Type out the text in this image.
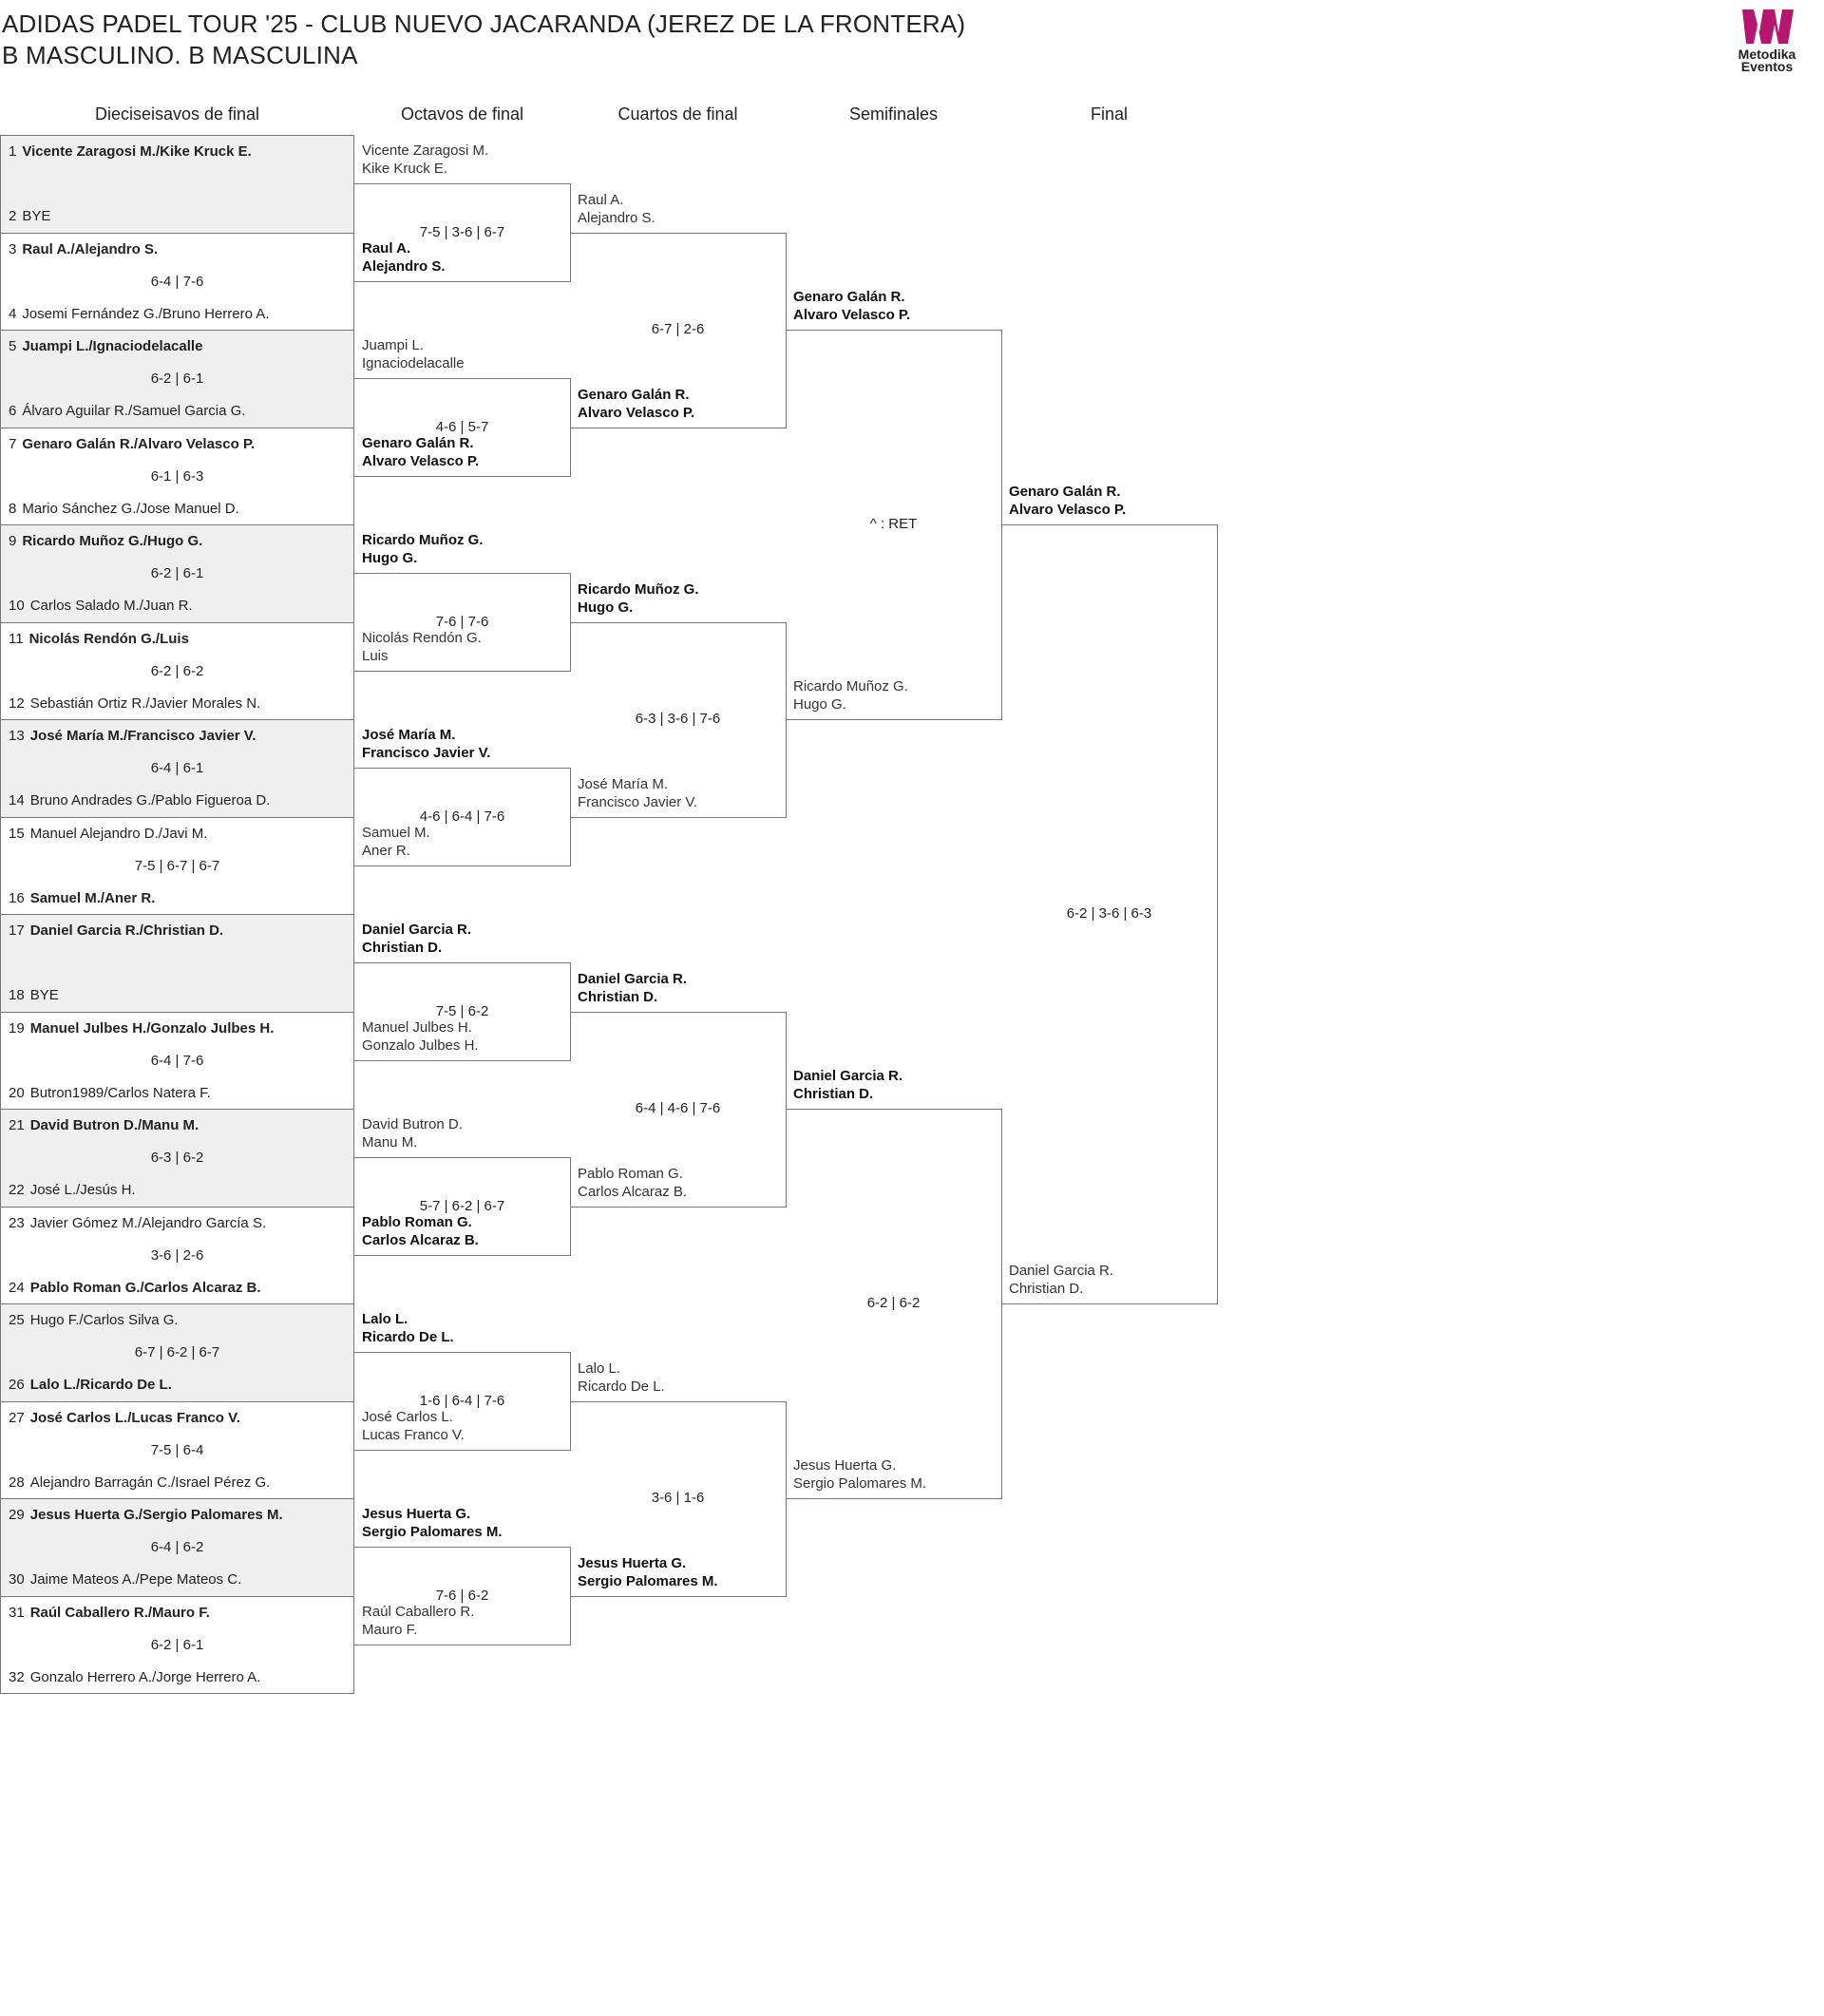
ADIDAS PADEL TOUR '25 - CLUB NUEVO JACARANDA (JEREZ DE LA FRONTERA)
B MASCULINO. B MASCULINA	Metodika
Eventos
Dieciseisavos de final	Octavos de final	Cuartos de final	Semifinales	Final
1 Vicente Zaragosi M./Kike Kruck E.
2 BYE
3 Raul A./Alejandro S.
4 Josemi Fernández G./Bruno Herrero A.
6-4 | 7-6
5 Juampi L./Ignaciodelacalle
6 Álvaro Aguilar R./Samuel Garcia G.
6-2 | 6-1
7 Genaro Galán R./Alvaro Velasco P.
8 Mario Sánchez G./Jose Manuel D.
6-1 | 6-3
9 Ricardo Muñoz G./Hugo G.
10 Carlos Salado M./Juan R.
6-2 | 6-1
11 Nicolás Rendón G./Luis
12 Sebastián Ortiz R./Javier Morales N.
6-2 | 6-2
13 José María M./Francisco Javier V.
14 Bruno Andrades G./Pablo Figueroa D.
6-4 | 6-1
15 Manuel Alejandro D./Javi M.
16 Samuel M./Aner R.
7-5 | 6-7 | 6-7
17 Daniel Garcia R./Christian D.
18 BYE
19 Manuel Julbes H./Gonzalo Julbes H.
20 Butron1989/Carlos Natera F.
6-4 | 7-6
21 David Butron D./Manu M.
22 José L./Jesús H.
6-3 | 6-2
23 Javier Gómez M./Alejandro García S.
24 Pablo Roman G./Carlos Alcaraz B.
3-6 | 2-6
25 Hugo F./Carlos Silva G.
26 Lalo L./Ricardo De L.
6-7 | 6-2 | 6-7
27 José Carlos L./Lucas Franco V.
28 Alejandro Barragán C./Israel Pérez G.
7-5 | 6-4
29 Jesus Huerta G./Sergio Palomares M.
30 Jaime Mateos A./Pepe Mateos C.
6-4 | 6-2
31 Raúl Caballero R./Mauro F.
32 Gonzalo Herrero A./Jorge Herrero A.
6-2 | 6-1
Vicente Zaragosi M.
Kike Kruck E.
Raul A.
Alejandro S.
7-5 | 3-6 | 6-7
Juampi L.
Ignaciodelacalle
Genaro Galán R.
Alvaro Velasco P.
4-6 | 5-7
Ricardo Muñoz G.
Hugo G.
Nicolás Rendón G.
Luis
7-6 | 7-6
José María M.
Francisco Javier V.
Samuel M.
Aner R.
4-6 | 6-4 | 7-6
Daniel Garcia R.
Christian D.
Manuel Julbes H.
Gonzalo Julbes H.
7-5 | 6-2
David Butron D.
Manu M.
Pablo Roman G.
Carlos Alcaraz B.
5-7 | 6-2 | 6-7
Lalo L.
Ricardo De L.
José Carlos L.
Lucas Franco V.
1-6 | 6-4 | 7-6
Jesus Huerta G.
Sergio Palomares M.
Raúl Caballero R.
Mauro F.
7-6 | 6-2
Raul A.
Alejandro S.
Genaro Galán R.
Alvaro Velasco P.
6-7 | 2-6
Ricardo Muñoz G.
Hugo G.
José María M.
Francisco Javier V.
6-3 | 3-6 | 7-6
Daniel Garcia R.
Christian D.
Pablo Roman G.
Carlos Alcaraz B.
6-4 | 4-6 | 7-6
Lalo L.
Ricardo De L.
Jesus Huerta G.
Sergio Palomares M.
3-6 | 1-6
Genaro Galán R.
Alvaro Velasco P.
Ricardo Muñoz G.
Hugo G.
^ : RET
Daniel Garcia R.
Christian D.
Jesus Huerta G.
Sergio Palomares M.
6-2 | 6-2
Genaro Galán R.
Alvaro Velasco P.
Daniel Garcia R.
Christian D.
6-2 | 3-6 | 6-3
